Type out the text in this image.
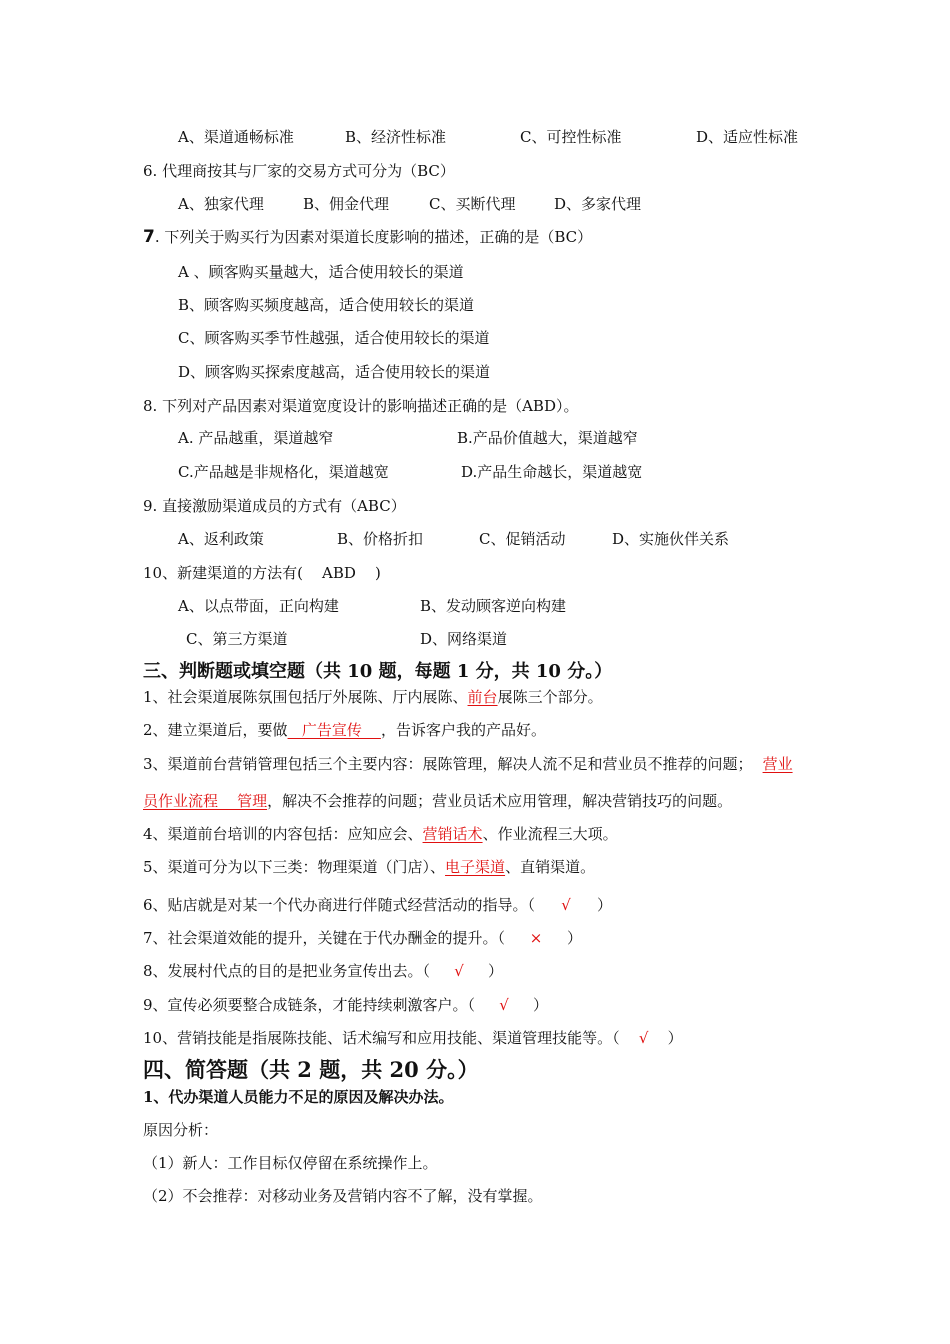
A、渠道通畅标准	B、经济性标准	C、可控性标准	D、适应性标准
6. 代理商按其与厂家的交易方式可分为（BC）
A、独家代理	B、佣金代理	C、买断代理	D、多家代理
7. 下列关于购买行为因素对渠道长度影响的描述，正确的是（BC）
A 、顾客购买量越大，适合使用较长的渠道
B、顾客购买频度越高，适合使用较长的渠道
C、顾客购买季节性越强，适合使用较长的渠道
D、顾客购买探索度越高，适合使用较长的渠道
8. 下列对产品因素对渠道宽度设计的影响描述正确的是（ABD）。
A. 产品越重，渠道越窄	B.产品价值越大，渠道越窄
C.产品越是非规格化，渠道越宽	D.产品生命越长，渠道越宽
9. 直接激励渠道成员的方式有（ABC）
A、返利政策	B、价格折扣	C、促销活动	D、实施伙伴关系
10、新建渠道的方法有(    ABD    )
A、以点带面，正向构建	B、发动顾客逆向构建
C、第三方渠道	D、网络渠道
三、判断题或填空题（共 10 题，每题 1 分，共 10 分。）
1、社会渠道展陈氛围包括厅外展陈、厅内展陈、前台展陈三个部分。
2、建立渠道后，要做   广告宣传    ，告诉客户我的产品好。
3、渠道前台营销管理包括三个主要内容：展陈管理，解决人流不足和营业员不推荐的问题； 营业
员作业流程    管理，解决不会推荐的问题；营业员话术应用管理，解决营销技巧的问题。
4、渠道前台培训的内容包括：应知应会、营销话术、作业流程三大项。
5、渠道可分为以下三类：物理渠道（门店）、电子渠道、直销渠道。
6、贴店就是对某一个代办商进行伴随式经营活动的指导。（ √ ）
7、社会渠道效能的提升，关键在于代办酬金的提升。（ × ）
8、发展村代点的目的是把业务宣传出去。（ √ ）
9、宣传必须要整合成链条，才能持续刺激客户。（ √ ）
10、营销技能是指展陈技能、话术编写和应用技能、渠道管理技能等。（ √ ）
四、简答题（共 2 题，共 20 分。）
1、代办渠道人员能力不足的原因及解决办法。
原因分析：
（1）新人：工作目标仅停留在系统操作上。
（2）不会推荐：对移动业务及营销内容不了解，没有掌握。
